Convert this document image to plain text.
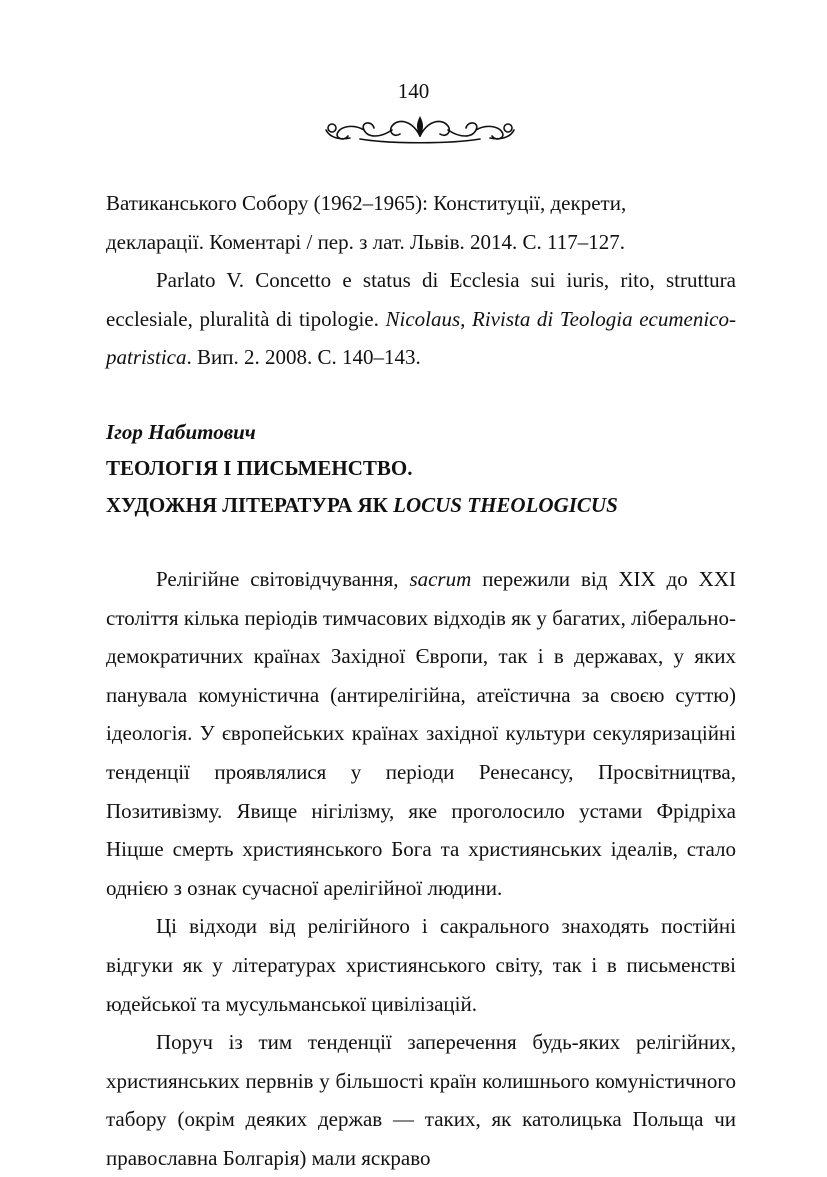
140

Ватиканського Собору (1962–1965): Конституції, декрети,

декларації. Коментарі / пер. з лат. Львів. 2014. С. 117–127.

Parlato V. Concetto e status di Ecclesia sui iuris, rito, struttura ecclesiale, pluralità di tipologie. Nicolaus, Rivista di Teologia ecumenico-patristica. Вип. 2. 2008. С. 140–143.

Ігор Набитович

ТЕОЛОГІЯ І ПИСЬМЕНСТВО.

ХУДОЖНЯ ЛІТЕРАТУРА ЯК LOCUS THEOLOGICUS

Релігійне світовідчування, sacrum пережили від XIX до XXI століття кілька періодів тимчасових відходів як у багатих, ліберально-демократичних країнах Західної Європи, так і в державах, у яких панувала комуністична (антирелігійна, атеїстична за своєю суттю) ідеологія. У європейських країнах західної культури секуляризаційні тенденції проявлялися у періоди Ренесансу, Просвітництва, Позитивізму. Явище нігілізму, яке проголосило устами Фрідріха Ніцше смерть християнського Бога та християнських ідеалів, стало однією з ознак сучасної арелігійної людини.

Ці відходи від релігійного і сакрального знаходять постійні відгуки як у літературах християнського світу, так і в письменстві юдейської та мусульманської цивілізацій.

Поруч із тим тенденції заперечення будь-яких релігійних, християнських первнів у більшості країн колишнього комуністичного табору (окрім деяких держав — таких, як католицька Польща чи православна Болгарія) мали яскраво
